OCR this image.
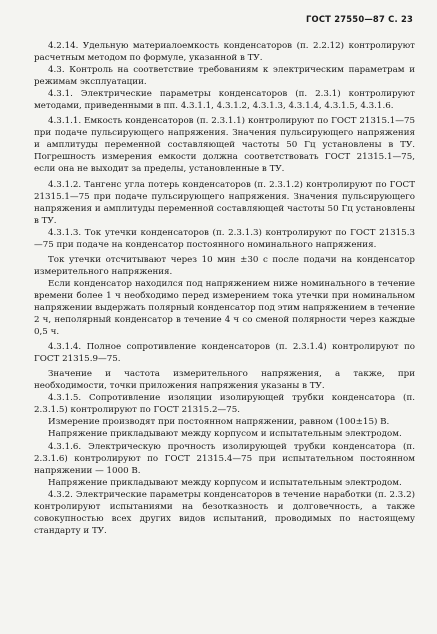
ГОСТ 27550—87 С. 23

4.2.14. Удельную материалоемкость конденсаторов (п. 2.2.12) контролируют расчетным методом по формуле, указанной в ТУ.

4.3. Контроль на соответствие требованиям к электрическим параметрам и режимам эксплуатации.

4.3.1. Электрические параметры конденсаторов (п. 2.3.1) контролируют методами, приведенными в пп. 4.3.1.1, 4.3.1.2, 4.3.1.3, 4.3.1.4, 4.3.1.5, 4.3.1.6.

4.3.1.1. Емкость конденсаторов (п. 2.3.1.1) контролируют по ГОСТ 21315.1—75 при подаче пульсирующего напряжения. Значения пульсирующего напряжения и амплитуды переменной составляющей частоты 50 Гц установлены в ТУ. Погрешность измерения емкости должна соответствовать ГОСТ 21315.1—75, если она не выходит за пределы, установленные в ТУ.

4.3.1.2. Тангенс угла потерь конденсаторов (п. 2.3.1.2) контролируют по ГОСТ 21315.1—75 при подаче пульсирующего напряжения. Значения пульсирующего напряжения и амплитуды переменной составляющей частоты 50 Гц установлены в ТУ.

4.3.1.3. Ток утечки конденсаторов (п. 2.3.1.3) контролируют по ГОСТ 21315.3—75 при подаче на конденсатор постоянного номинального напряжения.

Ток утечки отсчитывают через 10 мин ±30 с после подачи на конденсатор измерительного напряжения.

Если конденсатор находился под напряжением ниже номинального в течение времени более 1 ч необходимо перед измерением тока утечки при номинальном напряжении выдержать полярный конденсатор под этим напряжением в течение 2 ч, неполярный конденсатор в течение 4 ч со сменой полярности через каждые 0,5 ч.

4.3.1.4. Полное сопротивление конденсаторов (п. 2.3.1.4) контролируют по ГОСТ 21315.9—75.

Значение и частота измерительного напряжения, а также, при необходимости, точки приложения напряжения указаны в ТУ.

4.3.1.5. Сопротивление изоляции изолирующей трубки конденсатора (п. 2.3.1.5) контролируют по ГОСТ 21315.2—75.

Измерение производят при постоянном напряжении, равном (100±15) В.

Напряжение прикладывают между корпусом и испытательным электродом.

4.3.1.6. Электрическую прочность изолирующей трубки конденсатора (п. 2.3.1.6) контролируют по ГОСТ 21315.4—75 при испытательном постоянном напряжении — 1000 В.

Напряжение прикладывают между корпусом и испытательным электродом.

4.3.2. Электрические параметры конденсаторов в течение наработки (п. 2.3.2) контролируют испытаниями на безотказность и долговечность, а также совокупностью всех других видов испытаний, проводимых по настоящему стандарту и ТУ.
